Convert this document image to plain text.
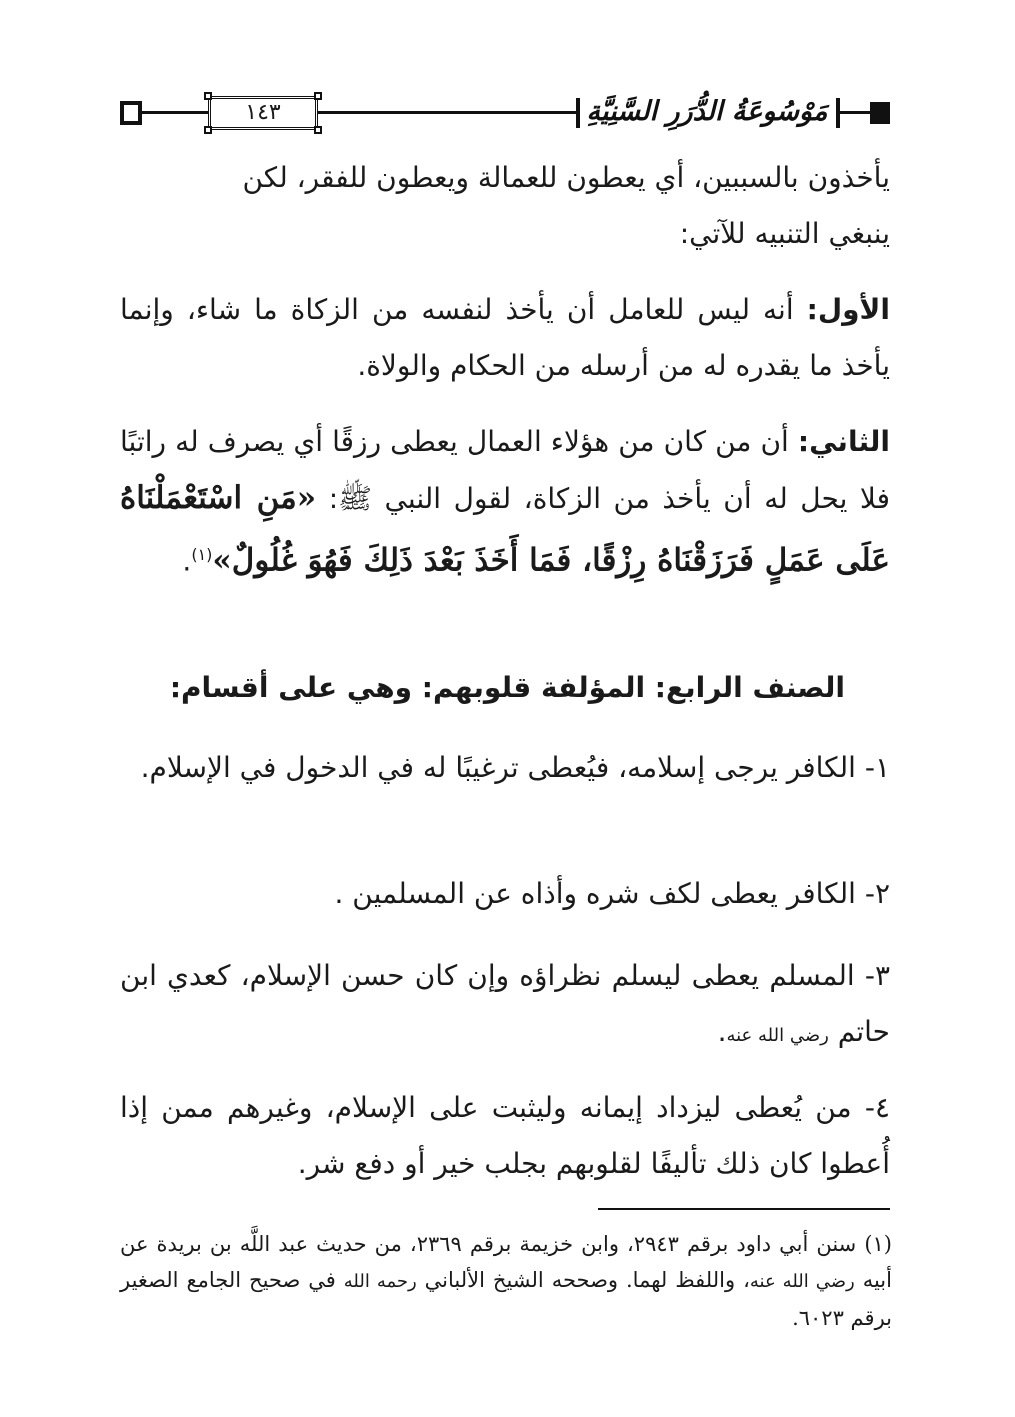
١٤٣	مَوْسُوعَةُ الدُّرَرِ السَّنِيَّةِ
يأخذون بالسببين، أي يعطون للعمالة ويعطون للفقر، لكن
ينبغي التنبيه للآتي:
الأول: أنه ليس للعامل أن يأخذ لنفسه من الزكاة ما شاء، وإنما يأخذ ما يقدره له من أرسله من الحكام والولاة.
الثاني: أن من كان من هؤلاء العمال يعطى رزقًا أي يصرف له راتبًا فلا يحل له أن يأخذ من الزكاة، لقول النبي ﷺ: «مَنِ اسْتَعْمَلْنَاهُ عَلَى عَمَلٍ فَرَزَقْنَاهُ رِزْقًا، فَمَا أَخَذَ بَعْدَ ذَلِكَ فَهُوَ غُلُولٌ»$^{(١)}$.
الصنف الرابع: المؤلفة قلوبهم: وهي على أقسام:
١- الكافر يرجى إسلامه، فيُعطى ترغيبًا له في الدخول في الإسلام.
٢- الكافر يعطى لكف شره وأذاه عن المسلمين .
٣- المسلم يعطى ليسلم نظراؤه وإن كان حسن الإسلام، كعدي ابن حاتم رضي الله عنه.
٤- من يُعطى ليزداد إيمانه وليثبت على الإسلام، وغيرهم ممن إذا أُعطوا كان ذلك تأليفًا لقلوبهم بجلب خير أو دفع شر.
(١) سنن أبي داود برقم ٢٩٤٣، وابن خزيمة برقم ٢٣٦٩، من حديث عبد اللَّه بن بريدة عن أبيه رضي الله عنه، واللفظ لهما. وصححه الشيخ الألباني رحمه الله في صحيح الجامع الصغير برقم ٦٠٢٣.
